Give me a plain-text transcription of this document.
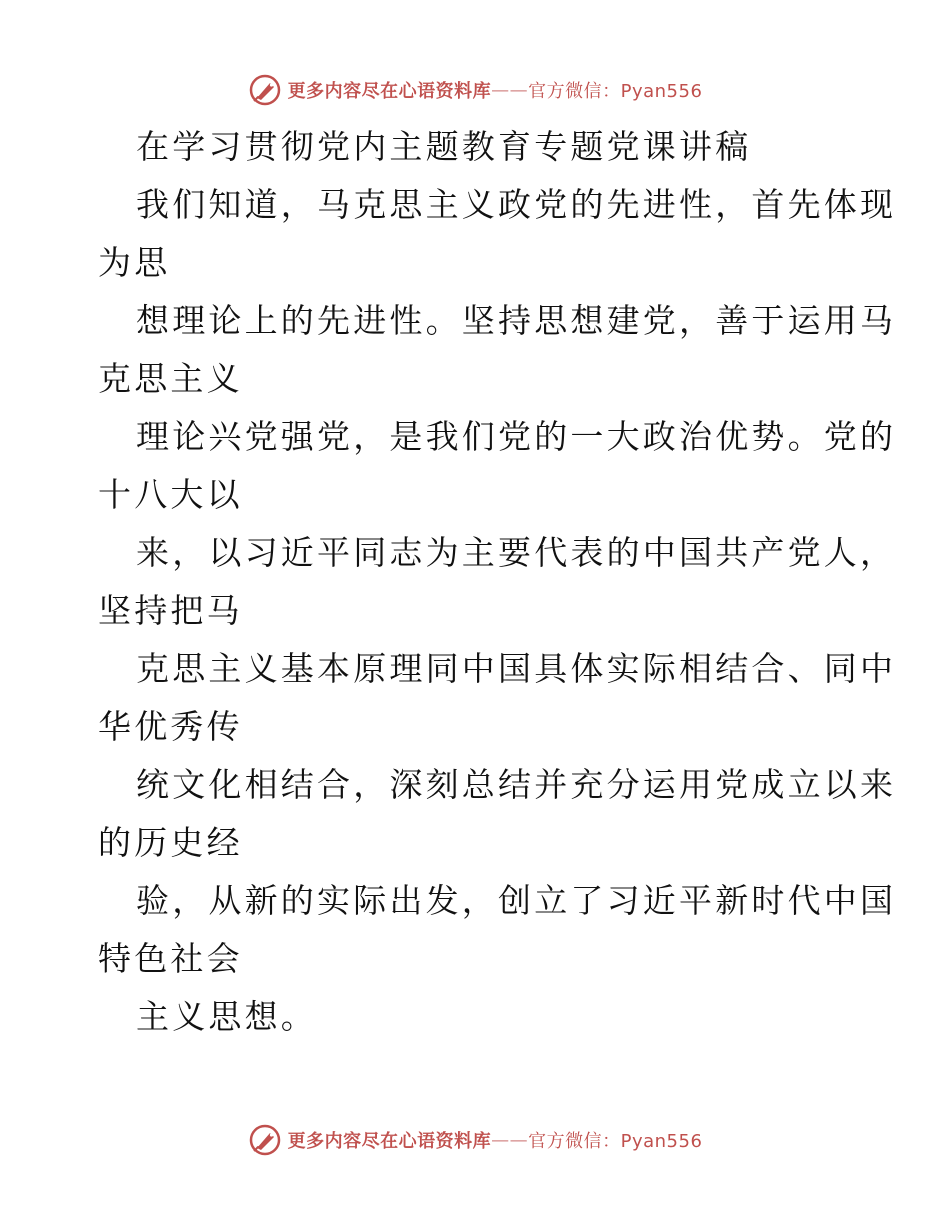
更多内容尽在心语资料库 —— 官方微信：Pyan556
在学习贯彻党内主题教育专题党课讲稿
我们知道，马克思主义政党的先进性，首先体现
为思
想理论上的先进性。坚持思想建党，善于运用马
克思主义
理论兴党强党，是我们党的一大政治优势。党的
十八大以
来，以习近平同志为主要代表的中国共产党人，
坚持把马
克思主义基本原理同中国具体实际相结合、同中
华优秀传
统文化相结合，深刻总结并充分运用党成立以来
的历史经
验，从新的实际出发，创立了习近平新时代中国
特色社会
主义思想。
更多内容尽在心语资料库 —— 官方微信：Pyan556
